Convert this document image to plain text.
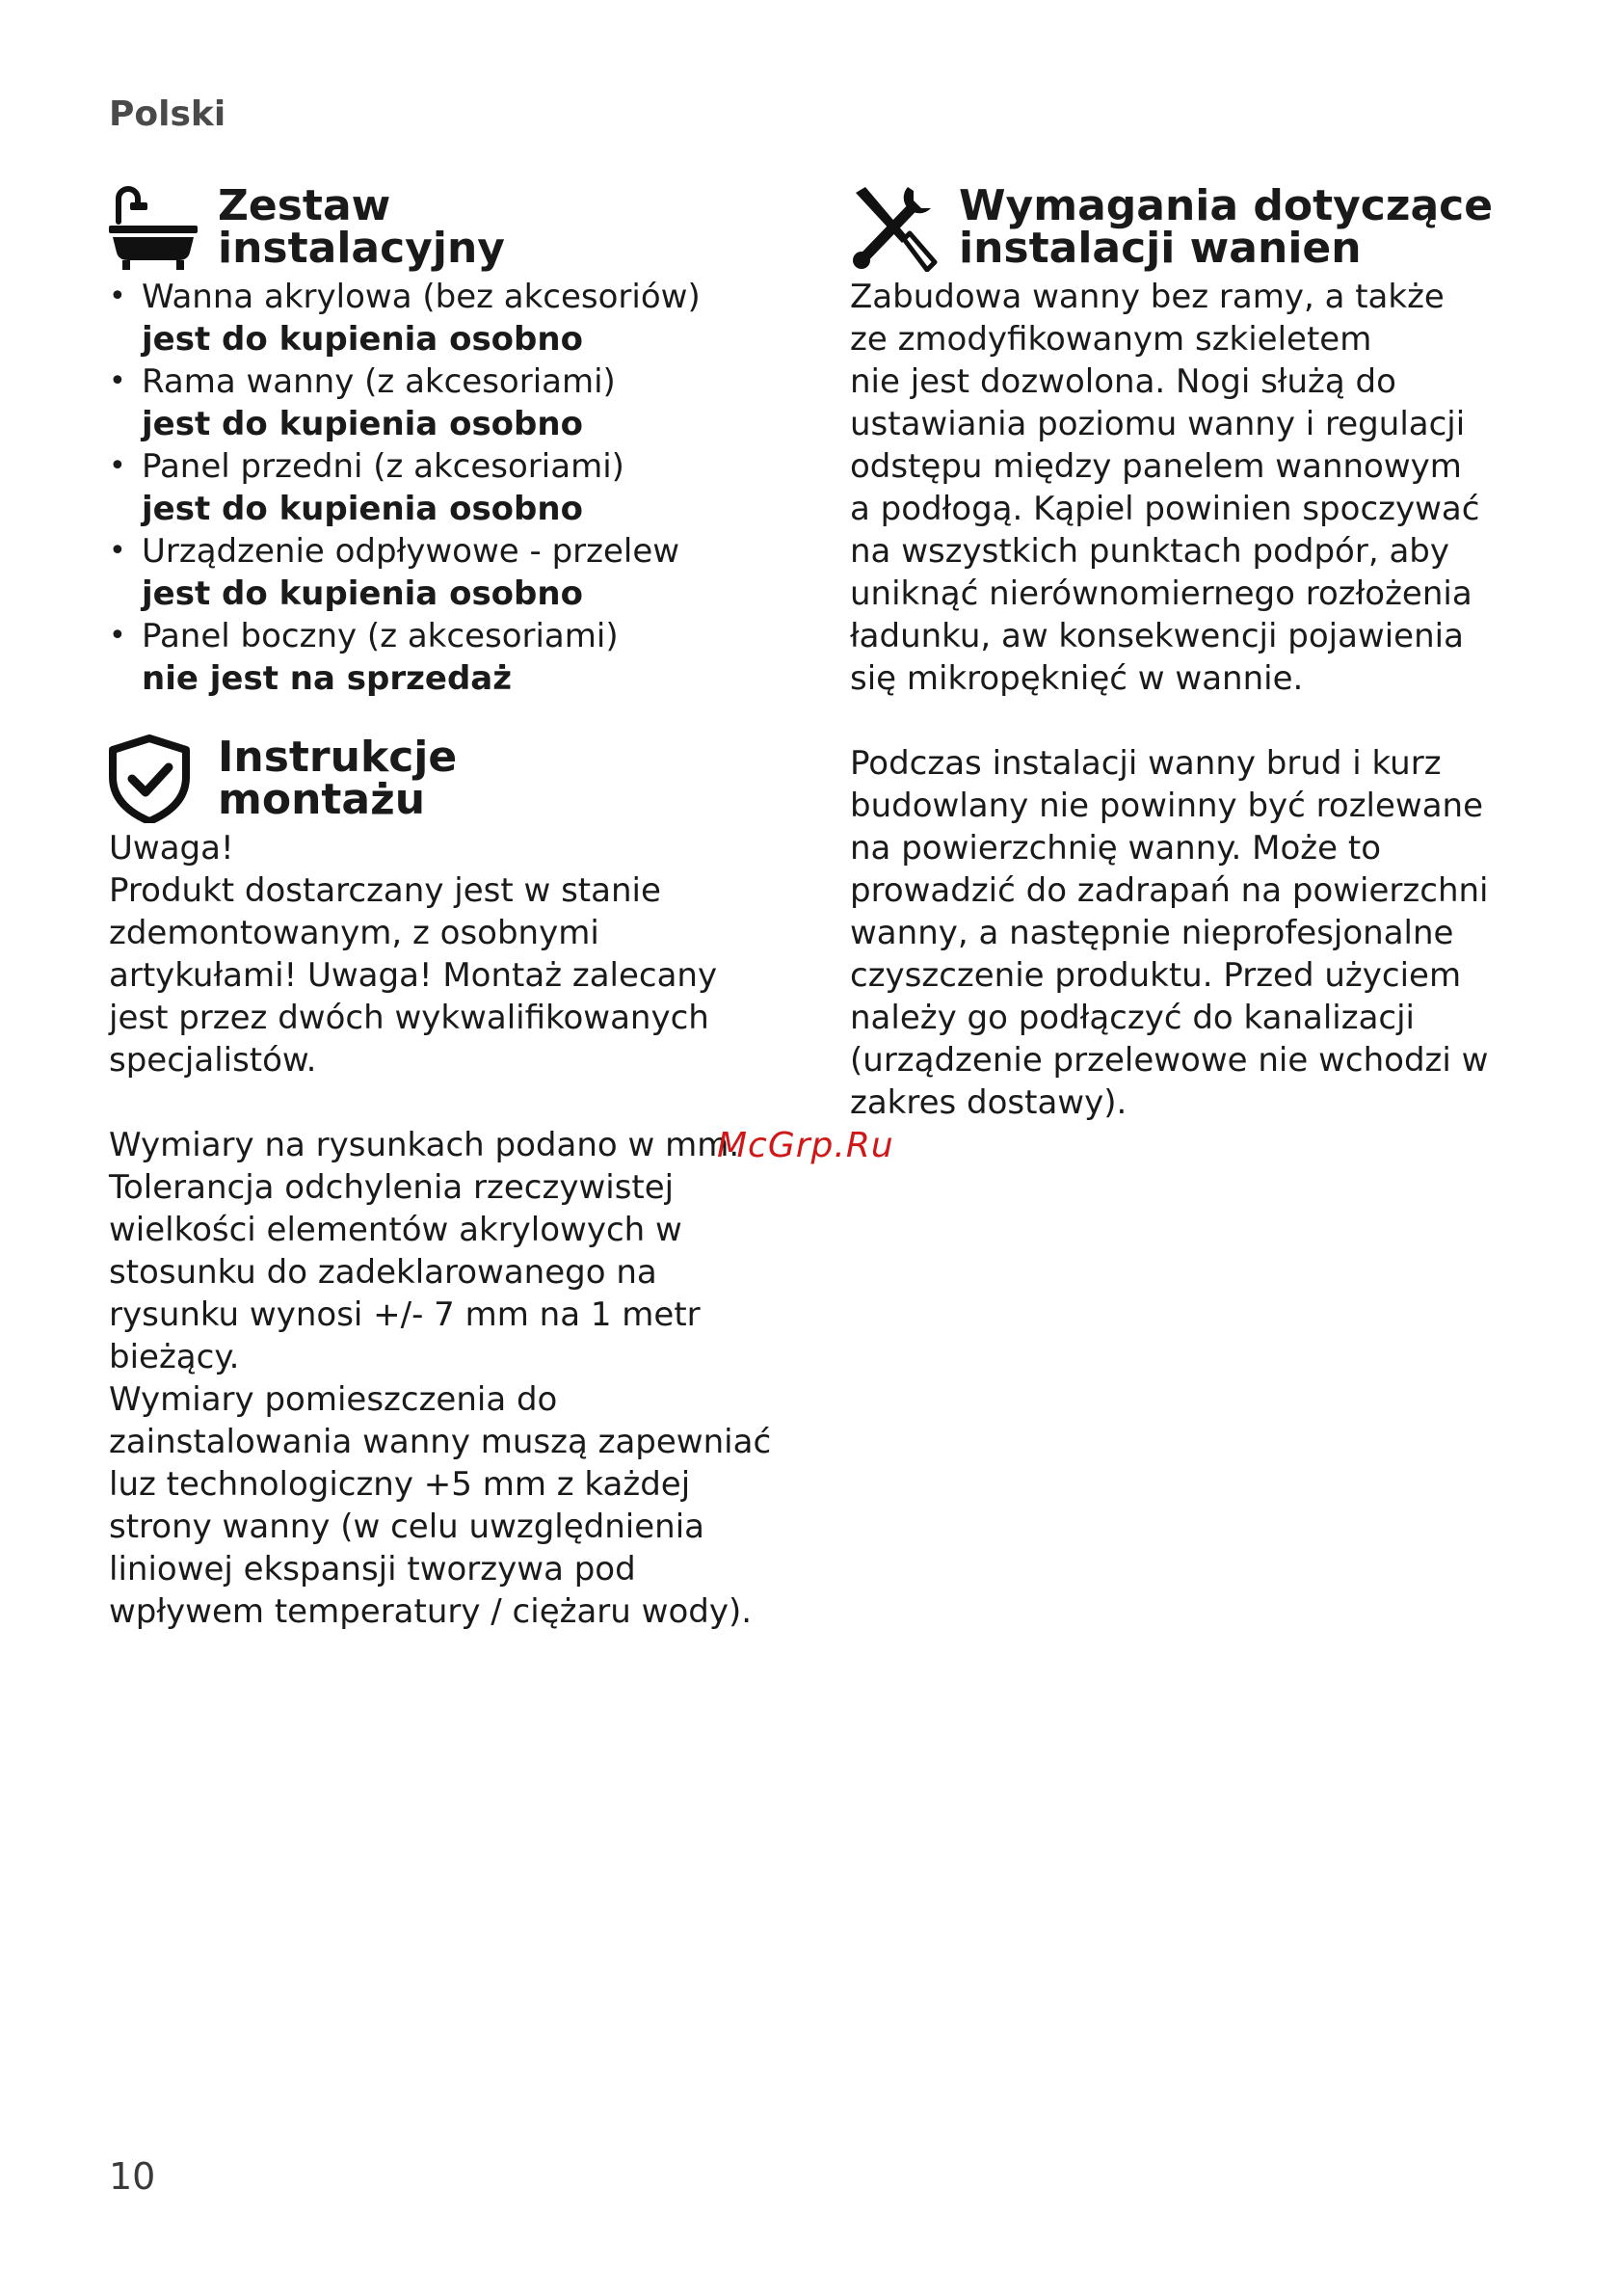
Polski
Zestaw
instalacyjny
• Wanna akrylowa (bez akcesoriów)
jest do kupienia osobno
• Rama wanny (z akcesoriami)
jest do kupienia osobno
• Panel przedni (z akcesoriami)
jest do kupienia osobno
• Urządzenie odpływowe - przelew
jest do kupienia osobno
• Panel boczny (z akcesoriami)
nie jest na sprzedaż
Instrukcje
montażu
Uwaga!
Produkt dostarczany jest w stanie
zdemontowanym, z osobnymi
artykułami! Uwaga! Montaż zalecany
jest przez dwóch wykwalifikowanych
specjalistów.
Wymiary na rysunkach podano w mm.
Tolerancja odchylenia rzeczywistej
wielkości elementów akrylowych w
stosunku do zadeklarowanego na
rysunku wynosi +/- 7 mm na 1 metr
bieżący.
Wymiary pomieszczenia do
zainstalowania wanny muszą zapewniać
luz technologiczny +5 mm z każdej
strony wanny (w celu uwzględnienia
liniowej ekspansji tworzywa pod
wpływem temperatury / ciężaru wody).
Wymagania dotyczące
instalacji wanien
Zabudowa wanny bez ramy, a także
ze zmodyfikowanym szkieletem
nie jest dozwolona. Nogi służą do
ustawiania poziomu wanny i regulacji
odstępu między panelem wannowym
a podłogą. Kąpiel powinien spoczywać
na wszystkich punktach podpór, aby
uniknąć nierównomiernego rozłożenia
ładunku, aw konsekwencji pojawienia
się mikropęknięć w wannie.
Podczas instalacji wanny brud i kurz
budowlany nie powinny być rozlewane
na powierzchnię wanny. Może to
prowadzić do zadrapań na powierzchni
wanny, a następnie nieprofesjonalne
czyszczenie produktu. Przed użyciem
należy go podłączyć do kanalizacji
(urządzenie przelewowe nie wchodzi w
zakres dostawy).
McGrp.Ru
10
